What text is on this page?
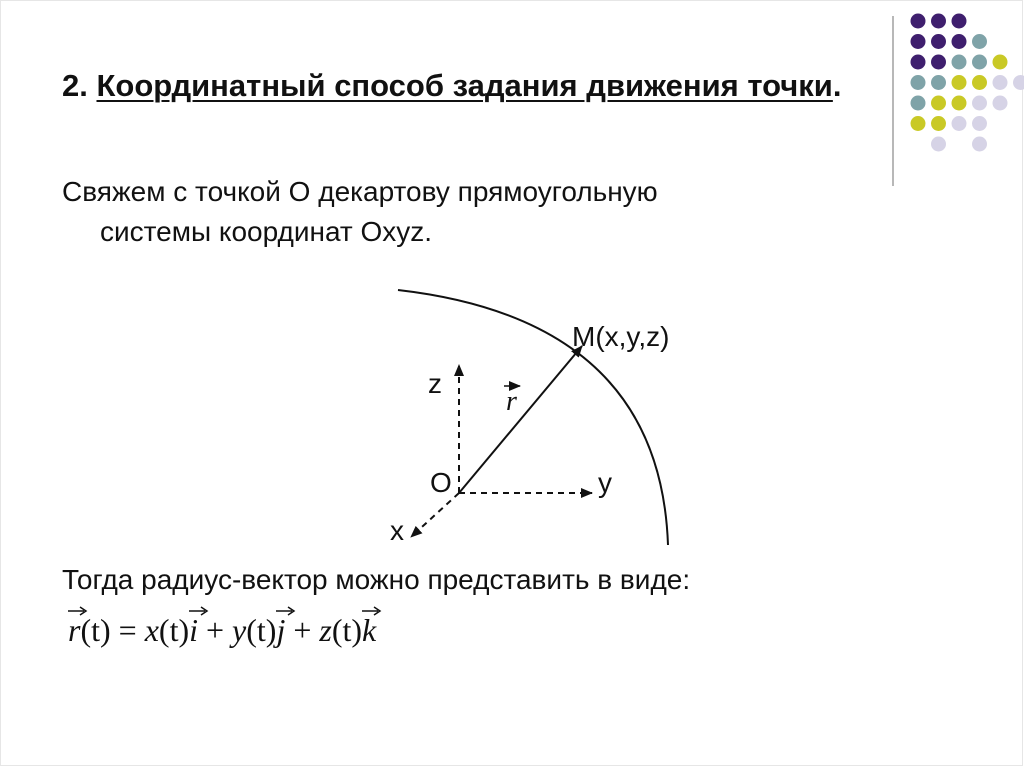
2. Координатный способ задания движения точки.
Свяжем с точкой О декартову прямоугольную
системы координат Oxyz.
M(x,y,z)
z
O	y
x
r
Тогда радиус-вектор можно представить в виде:
r(t) = x(t)
i + y(t)
j + z(t)
k
